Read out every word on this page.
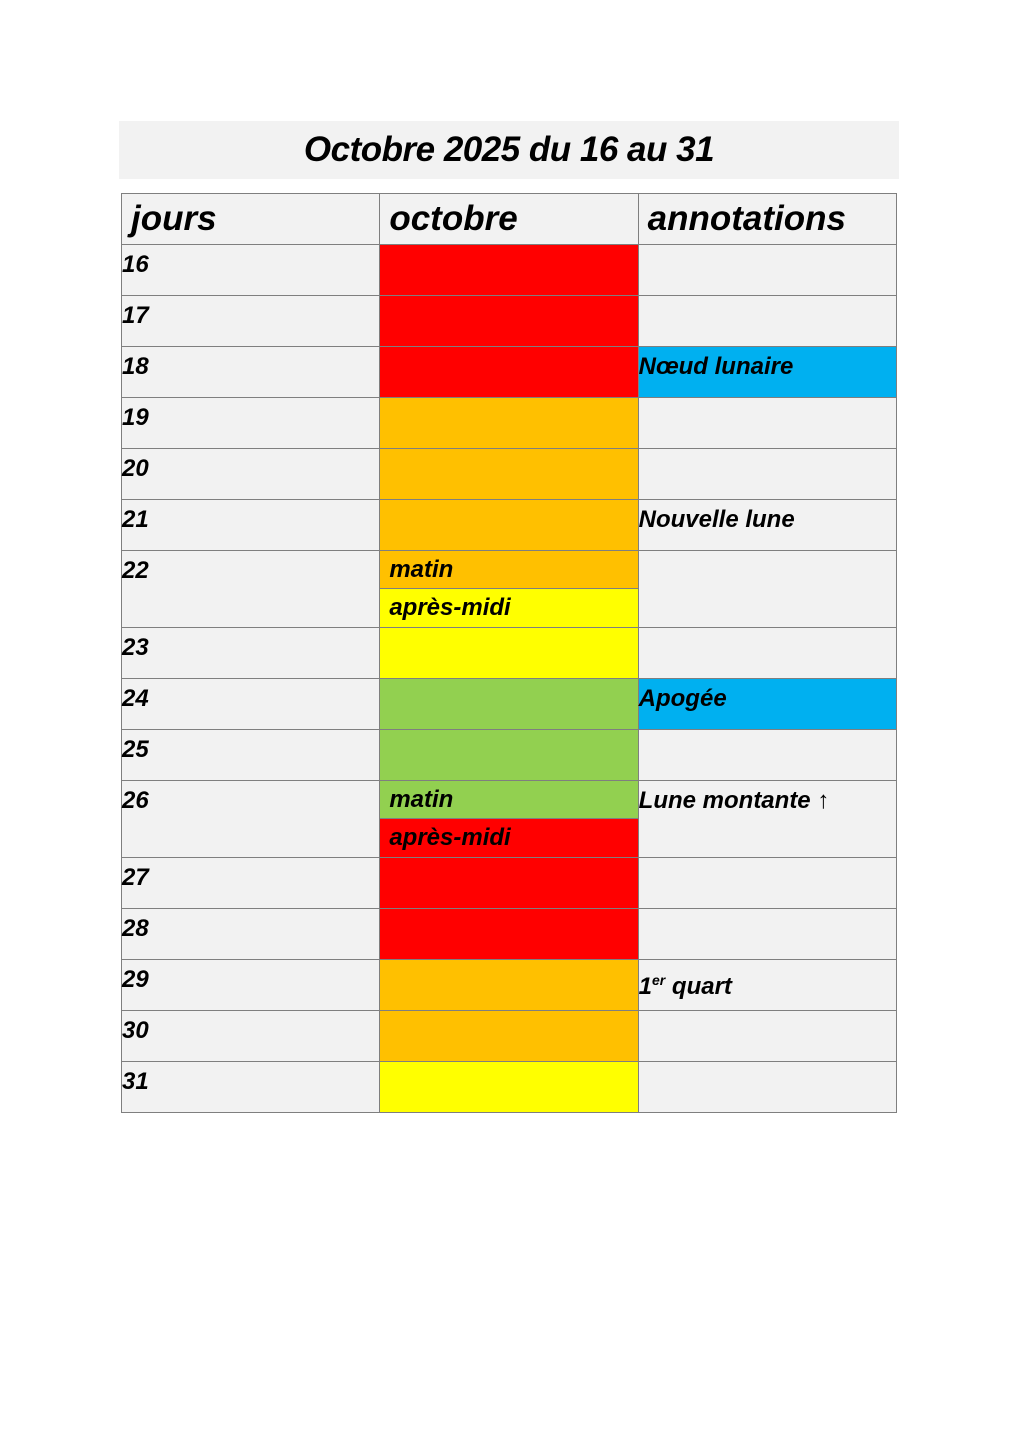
Octobre 2025 du 16 au 31
jours	octobre	annotations

16		
17		
18		Nœud lunaire
19		
20		
21		Nouvelle lune
22	matin
après-midi	

23		
24		Apogée
25		
26	matin
après-midi	Lune montante ↑
27		
28		
29		1er quart
30		
31		
